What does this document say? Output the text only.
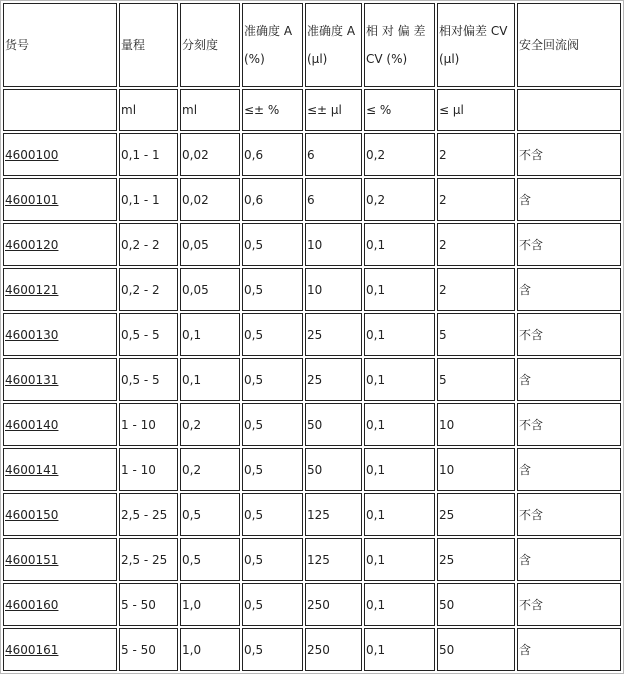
货号	量程	分刻度	准确度 A (%)	准确度 A (µl)	相 对 偏 差 CV (%)	相对偏差 CV (µl)	安全回流阀
	ml	ml	≤± %	≤± µl	≤ %	≤ µl	
4600100	0,1 - 1	0,02	0,6	6	0,2	2	不含
4600101	0,1 - 1	0,02	0,6	6	0,2	2	含
4600120	0,2 - 2	0,05	0,5	10	0,1	2	不含
4600121	0,2 - 2	0,05	0,5	10	0,1	2	含
4600130	0,5 - 5	0,1	0,5	25	0,1	5	不含
4600131	0,5 - 5	0,1	0,5	25	0,1	5	含
4600140	1 - 10	0,2	0,5	50	0,1	10	不含
4600141	1 - 10	0,2	0,5	50	0,1	10	含
4600150	2,5 - 25	0,5	0,5	125	0,1	25	不含
4600151	2,5 - 25	0,5	0,5	125	0,1	25	含
4600160	5 - 50	1,0	0,5	250	0,1	50	不含
4600161	5 - 50	1,0	0,5	250	0,1	50	含
